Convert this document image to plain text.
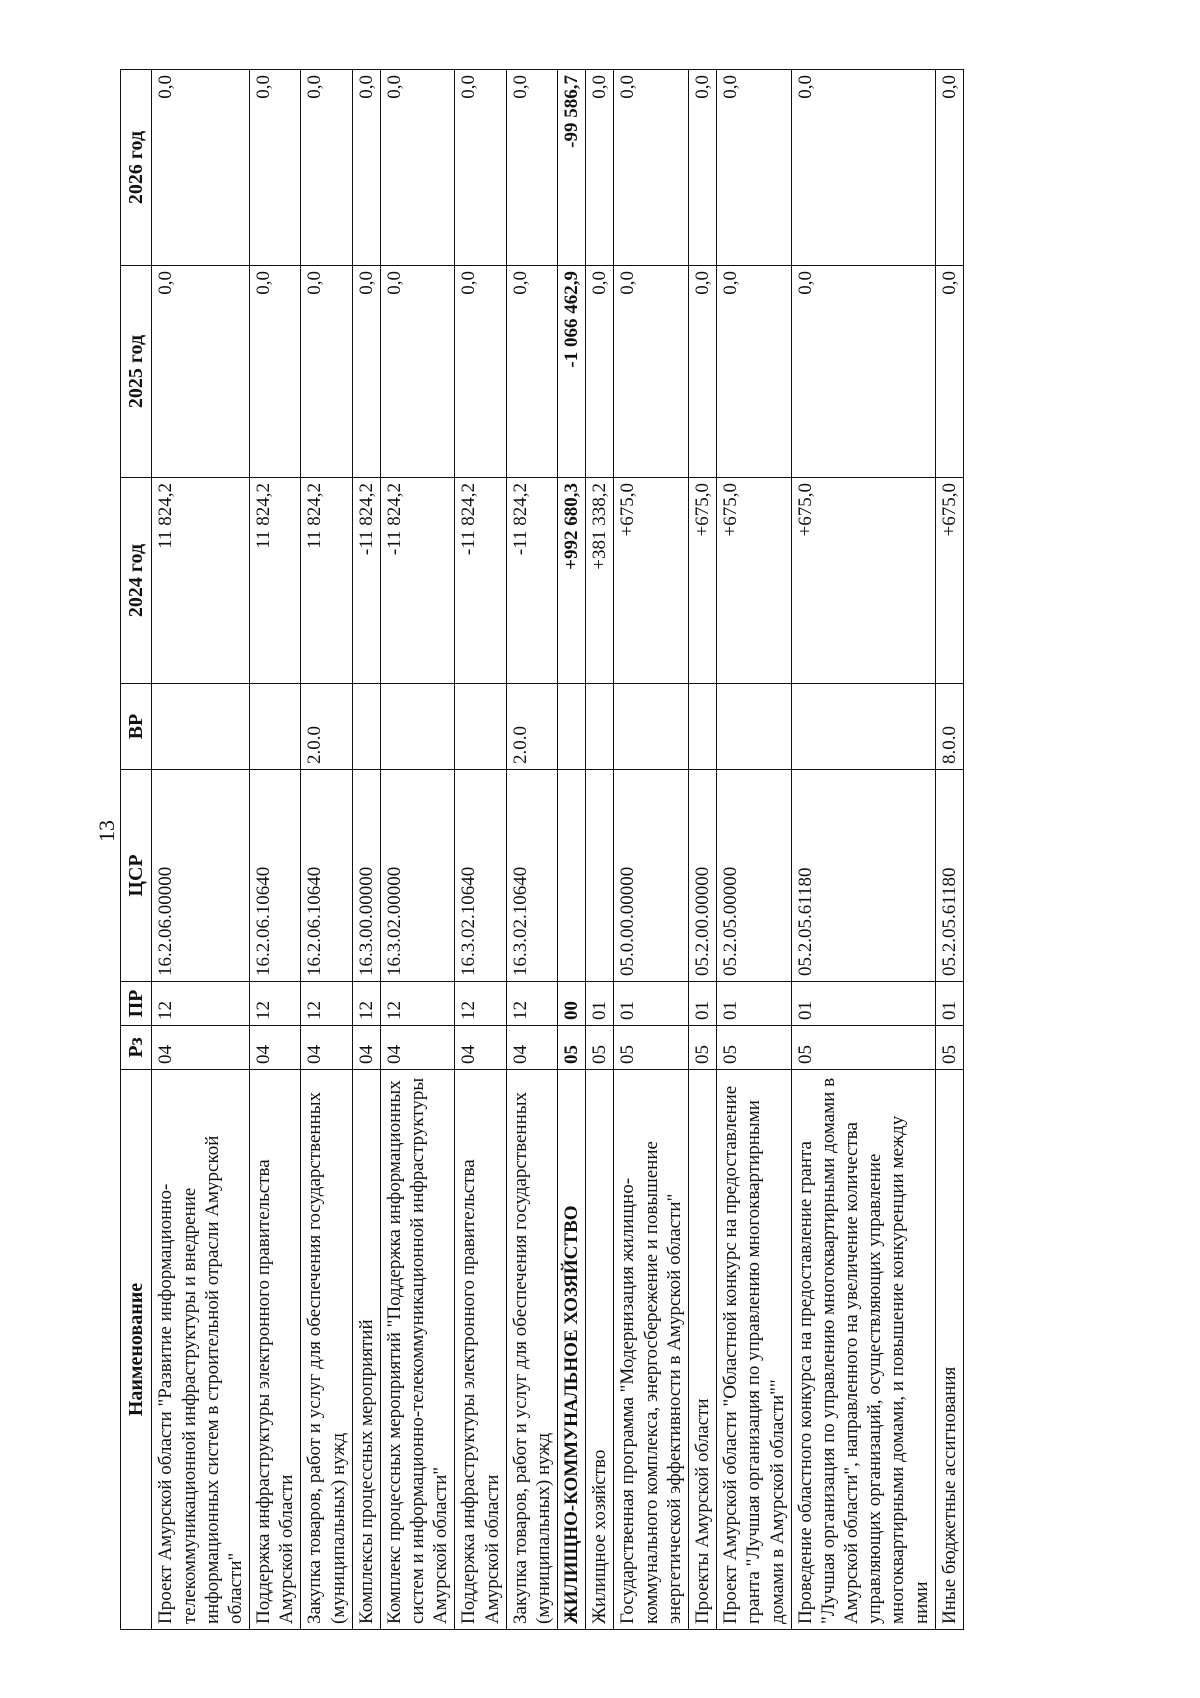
13
Наименование	Рз	ПР	ЦСР	ВР	2024 год	2025 год	2026 год
Проект Амурской области "Развитие информационно-телекоммуникационной инфраструктуры и внедрение информационных систем в строительной отрасли Амурской области"	04	12	16.2.06.00000		11 824,2	0,0	0,0
Поддержка инфраструктуры электронного правительства Амурской области	04	12	16.2.06.10640		11 824,2	0,0	0,0
Закупка товаров, работ и услуг для обеспечения государственных (муниципальных) нужд	04	12	16.2.06.10640	2.0.0	11 824,2	0,0	0,0
Комплексы процессных мероприятий	04	12	16.3.00.00000		-11 824,2	0,0	0,0
Комплекс процессных мероприятий "Поддержка информационных систем и информационно-телекоммуникационной инфраструктуры Амурской области"	04	12	16.3.02.00000		-11 824,2	0,0	0,0
Поддержка инфраструктуры электронного правительства Амурской области	04	12	16.3.02.10640		-11 824,2	0,0	0,0
Закупка товаров, работ и услуг для обеспечения государственных (муниципальных) нужд	04	12	16.3.02.10640	2.0.0	-11 824,2	0,0	0,0
ЖИЛИЩНО-КОММУНАЛЬНОЕ ХОЗЯЙСТВО	05	00			+992 680,3	-1 066 462,9	-99 586,7
Жилищное хозяйство	05	01			+381 338,2	0,0	0,0
Государственная программа "Модернизация жилищно-коммунального комплекса, энергосбережение и повышение энергетической эффективности в Амурской области"	05	01	05.0.00.00000		+675,0	0,0	0,0
Проекты Амурской области	05	01	05.2.00.00000		+675,0	0,0	0,0
Проект Амурской области "Областной конкурс на предоставление гранта "Лучшая организация по управлению многоквартирными домами в Амурской области""	05	01	05.2.05.00000		+675,0	0,0	0,0
Проведение областного конкурса на предоставление гранта "Лучшая организация по управлению многоквартирными домами в Амурской области", направленного на увеличение количества управляющих организаций, осуществляющих управление многоквартирными домами, и повышение конкуренции между ними	05	01	05.2.05.61180		+675,0	0,0	0,0
Иные бюджетные ассигнования	05	01	05.2.05.61180	8.0.0	+675,0	0,0	0,0
